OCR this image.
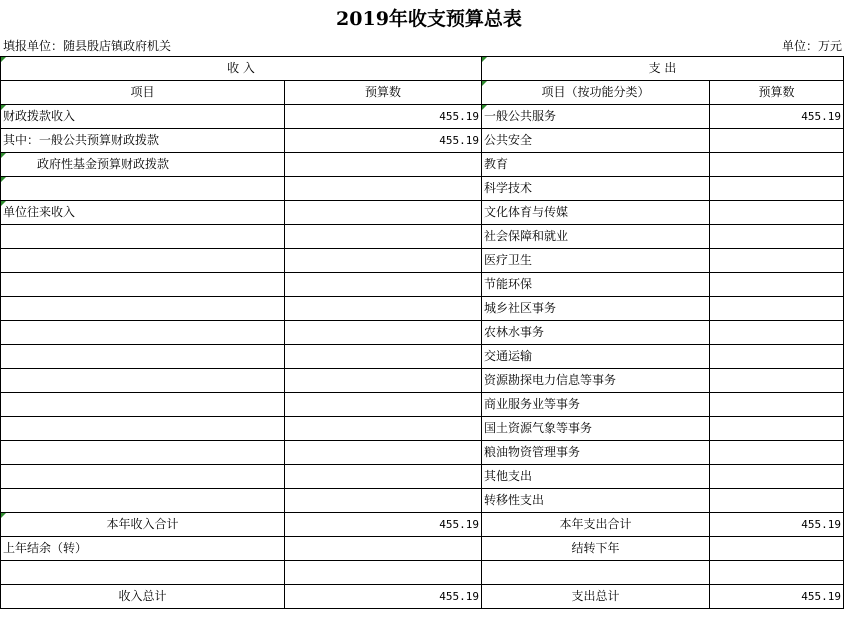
2019年收支预算总表
填报单位：随县殷店镇政府机关	单位：万元
收 入		支 出	
项目	预算数	项目（按功能分类）	预算数
财政拨款收入	455.19	一般公共服务	455.19
其中：一般公共预算财政拨款	455.19	公共安全	
政府性基金预算财政拨款		教育	
		科学技术	
单位往来收入		文化体育与传媒	
		社会保障和就业	
		医疗卫生	
		节能环保	
		城乡社区事务	
		农林水事务	
		交通运输	
		资源勘探电力信息等事务	
		商业服务业等事务	
		国土资源气象等事务	
		粮油物资管理事务	
		其他支出	
		转移性支出	
本年收入合计	455.19	本年支出合计	455.19
上年结余（转）		结转下年	

收入总计	455.19	支出总计	455.19
